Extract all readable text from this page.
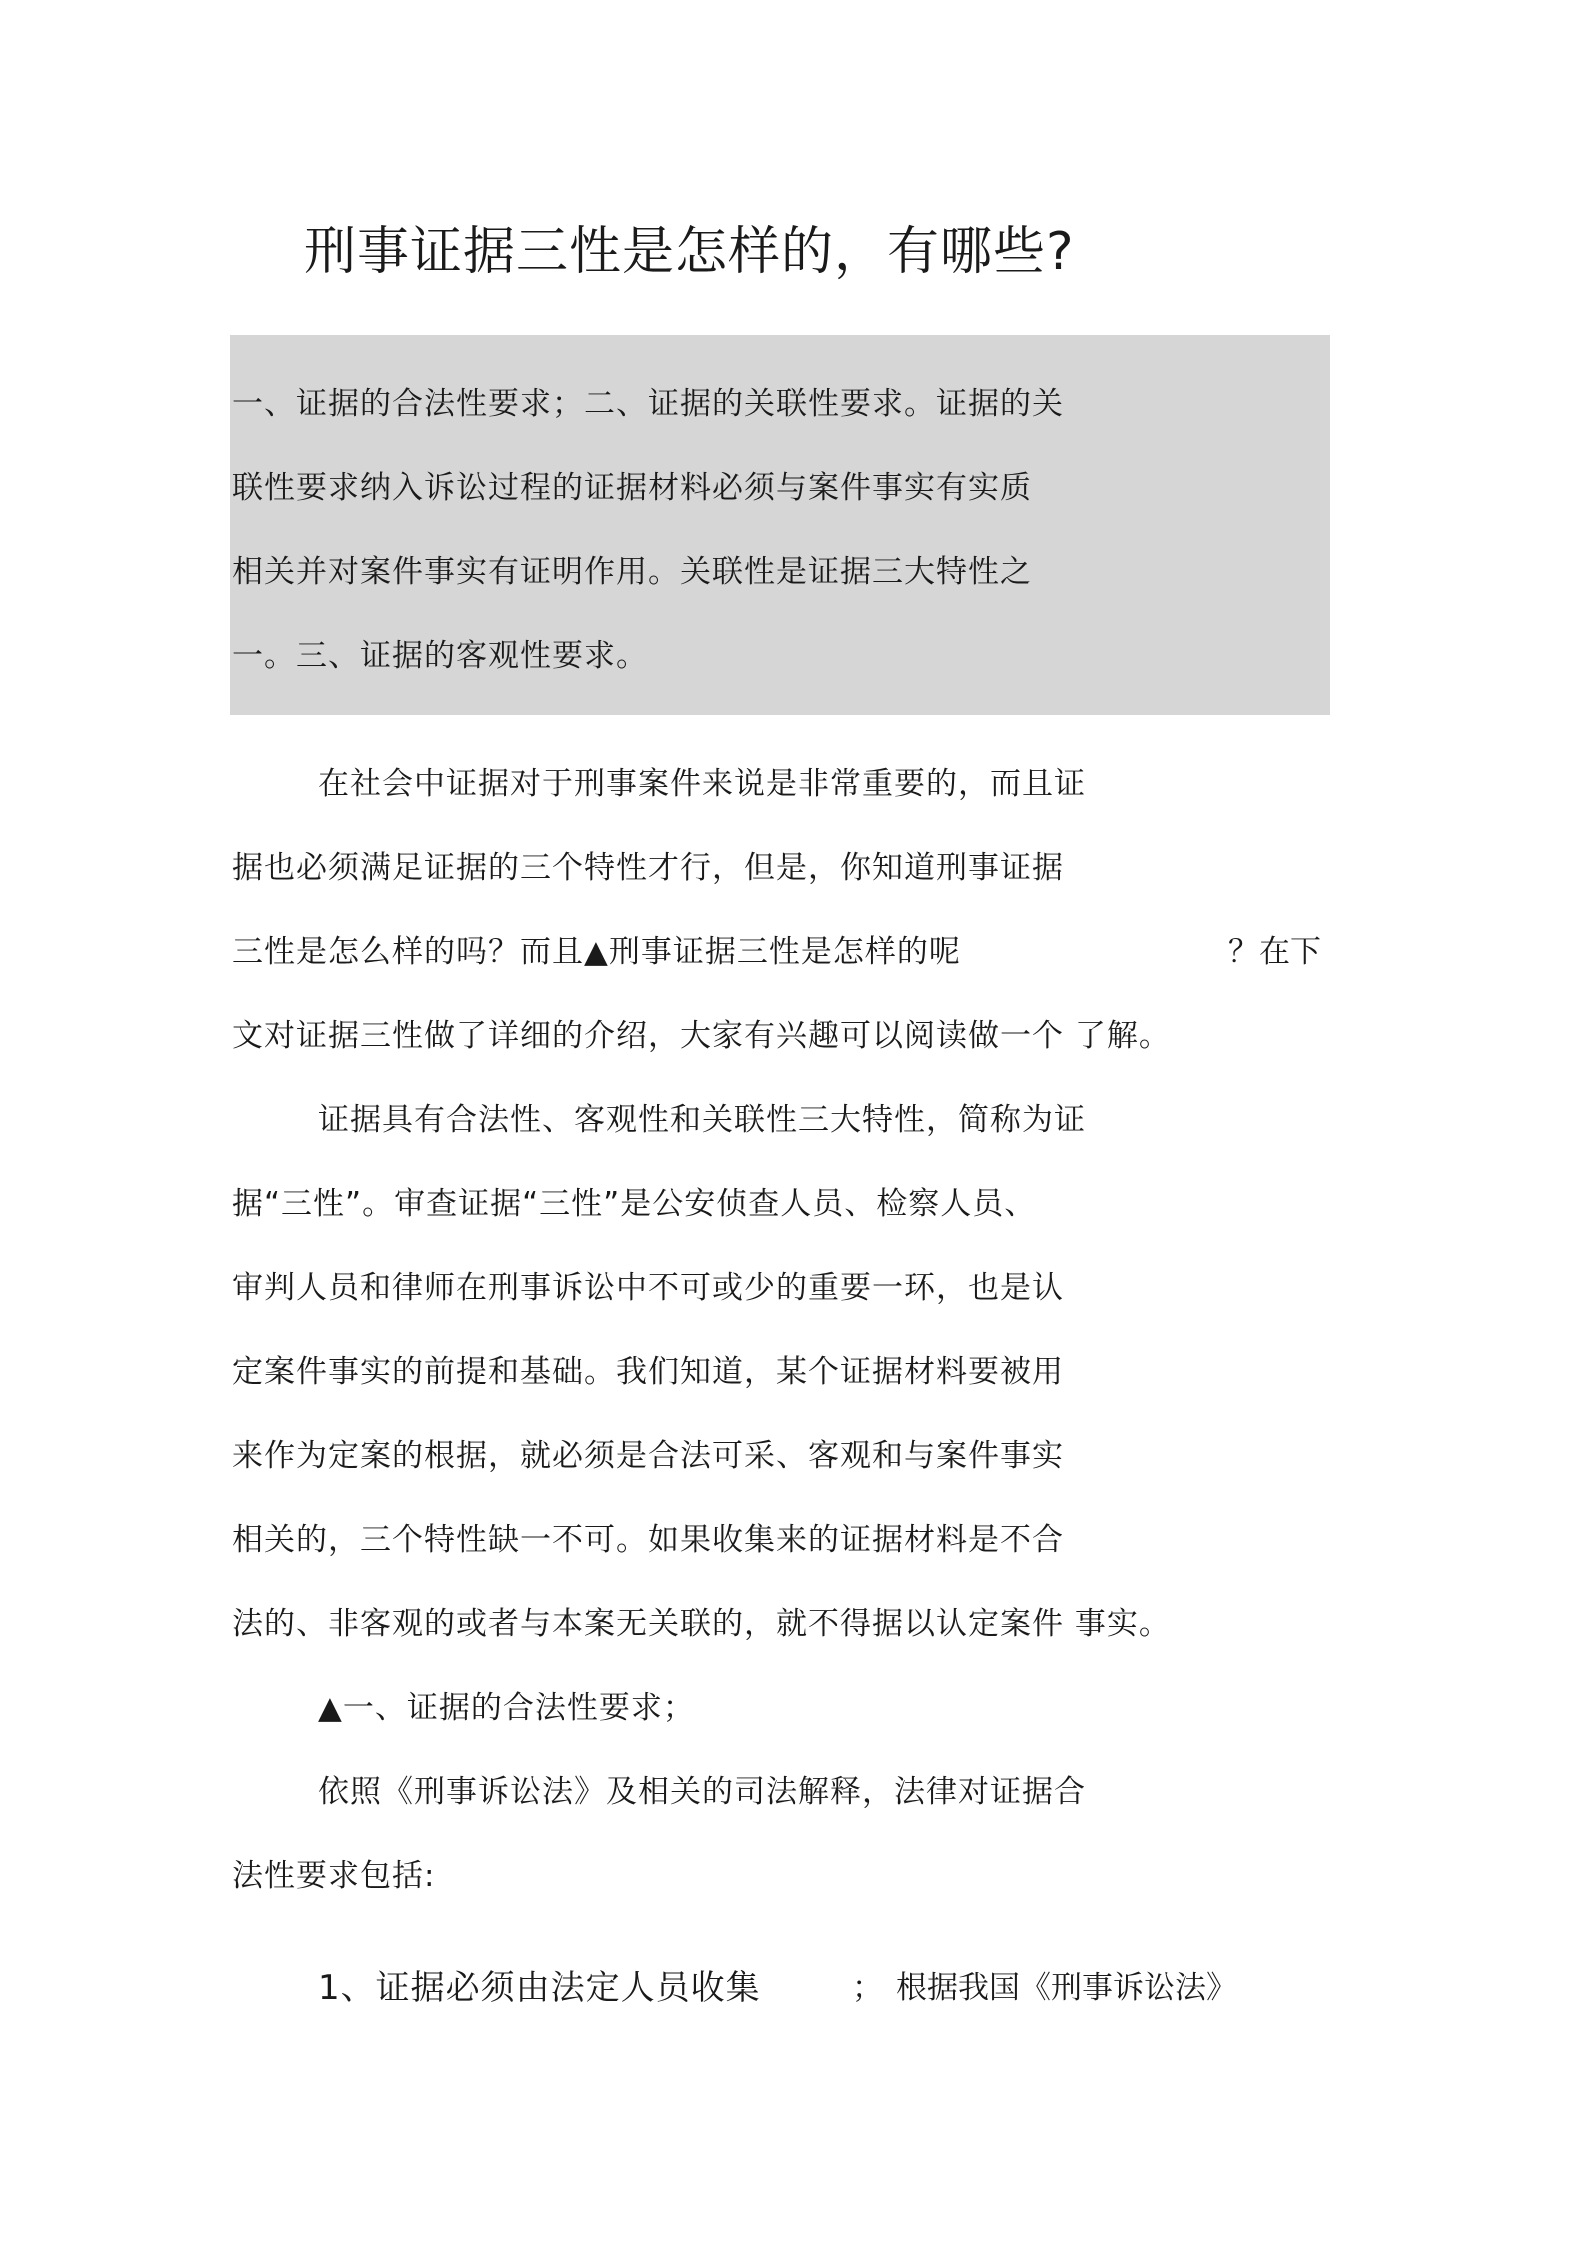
刑事证据三性是怎样的，有哪些?
一、证据的合法性要求；二、证据的关联性要求。证据的关
联性要求纳入诉讼过程的证据材料必须与案件事实有实质
相关并对案件事实有证明作用。关联性是证据三大特性之
一。三、证据的客观性要求。
在社会中证据对于刑事案件来说是非常重要的，而且证
据也必须满足证据的三个特性才行，但是，你知道刑事证据
三性是怎么样的吗？而且▲刑事证据三性是怎样的呢	？在下
文对证据三性做了详细的介绍，大家有兴趣可以阅读做一个 了解。
证据具有合法性、客观性和关联性三大特性，简称为证
据“三性”。审查证据“三性”是公安侦查人员、检察人员、
审判人员和律师在刑事诉讼中不可或少的重要一环，也是认
定案件事实的前提和基础。我们知道，某个证据材料要被用
来作为定案的根据，就必须是合法可采、客观和与案件事实
相关的，三个特性缺一不可。如果收集来的证据材料是不合
法的、非客观的或者与本案无关联的，就不得据以认定案件 事实。
▲一、证据的合法性要求；
依照《刑事诉讼法》及相关的司法解释，法律对证据合
法性要求包括:
1、证据必须由法定人员收集	； 根据我国《刑事诉讼法》
